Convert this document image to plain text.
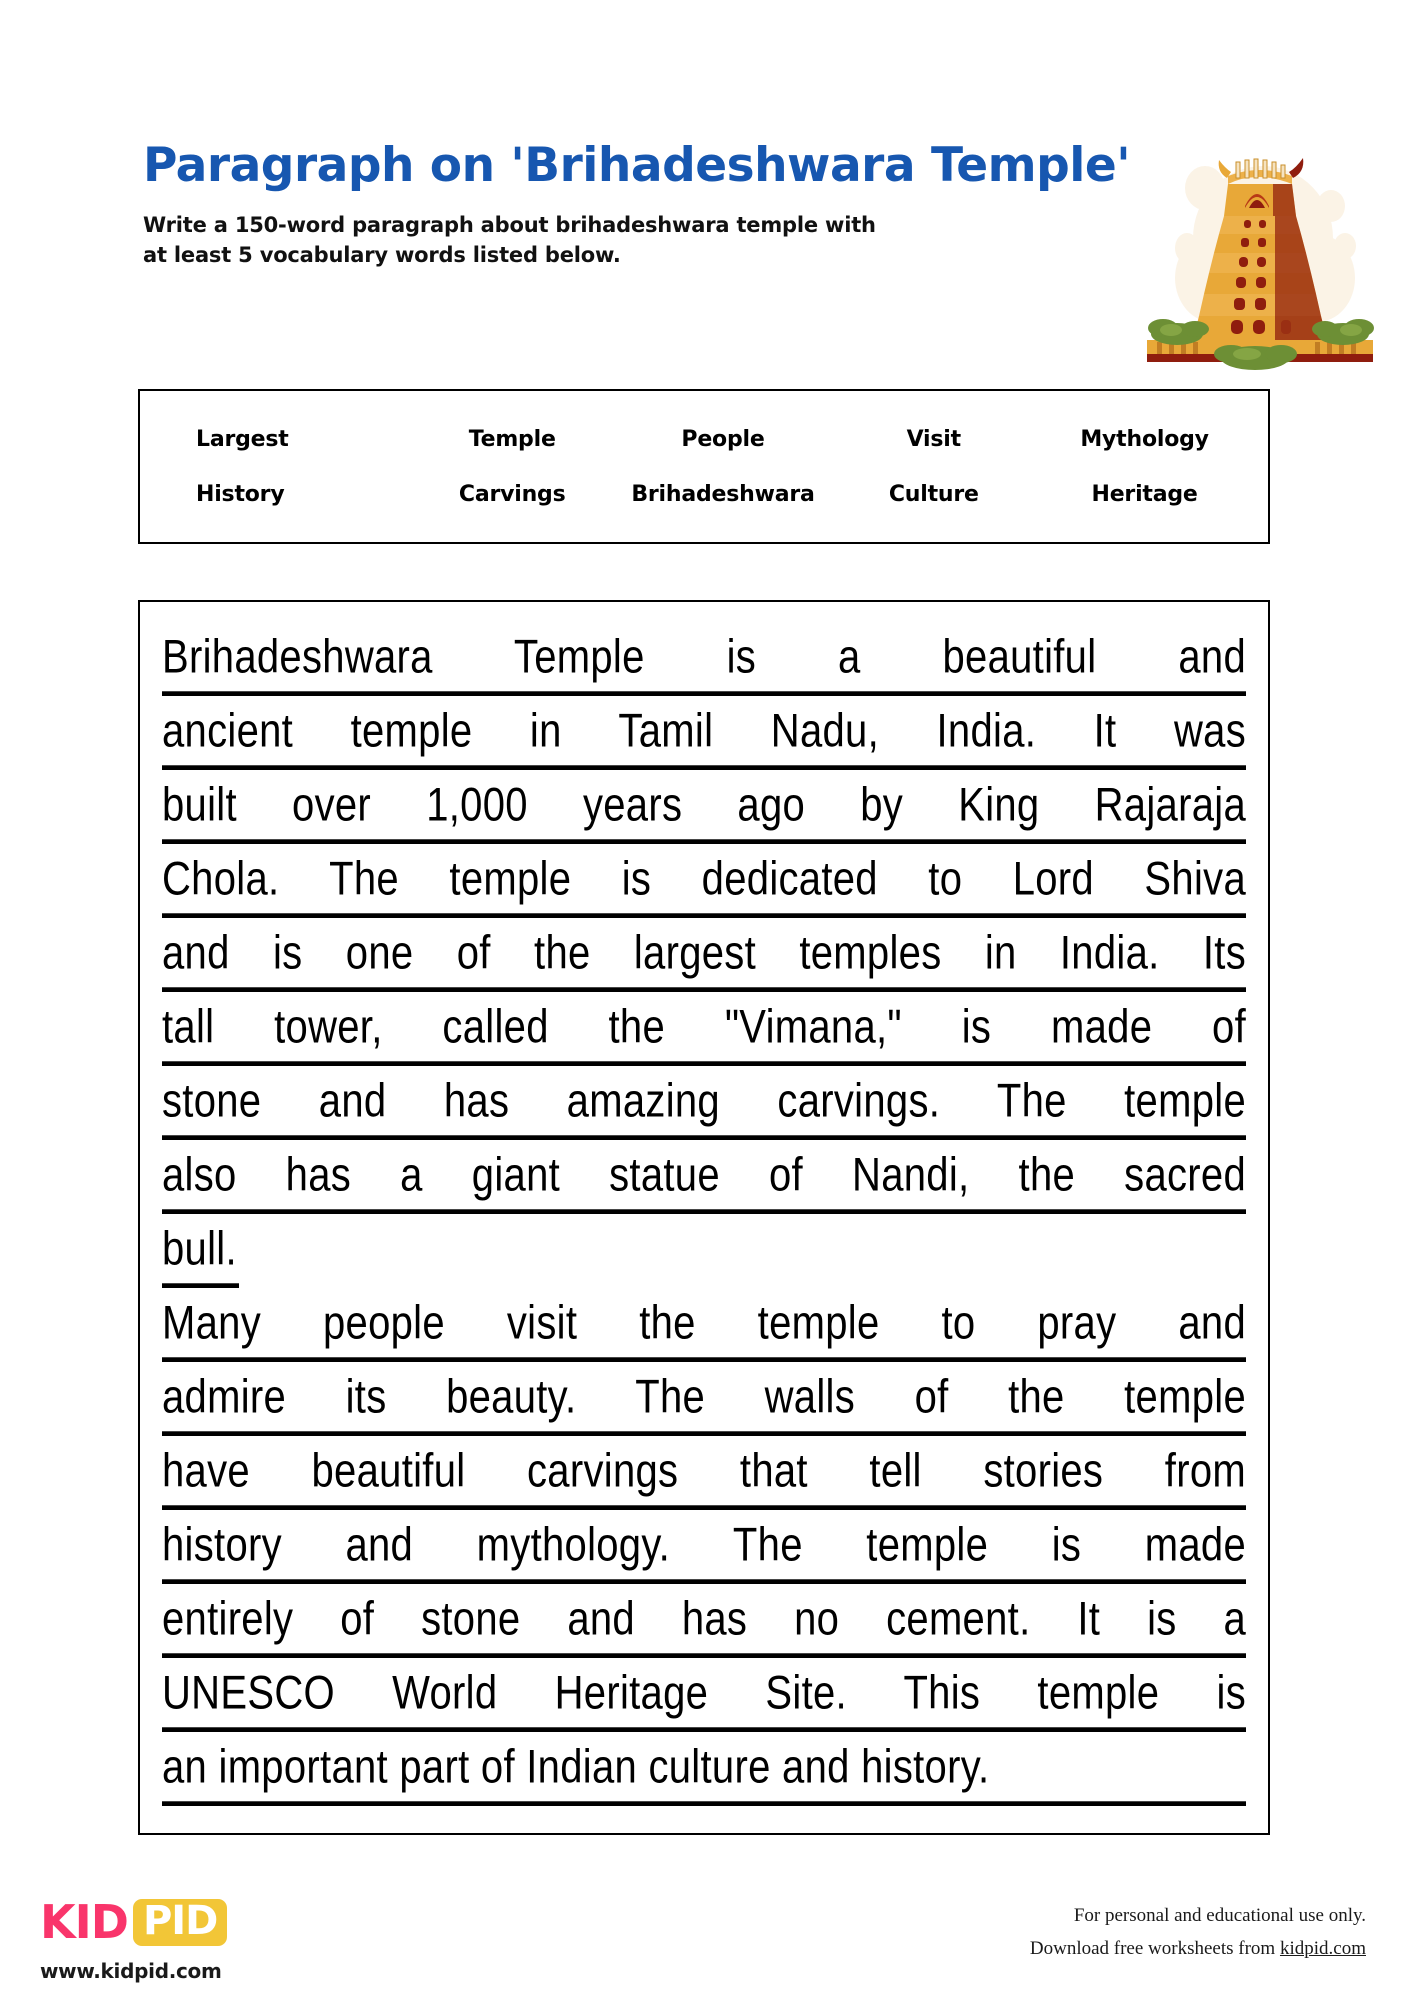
Paragraph on 'Brihadeshwara Temple'
Write a 150-word paragraph about brihadeshwara temple with
at least 5 vocabulary words listed below.
Largest	Temple	People	Visit	Mythology
History	Carvings	Brihadeshwara	Culture	Heritage
Brihadeshwara Temple is a beautiful and
ancient temple in Tamil Nadu, India. It was
built over 1,000 years ago by King Rajaraja
Chola. The temple is dedicated to Lord Shiva
and is one of the largest temples in India. Its
tall tower, called the "Vimana," is made of
stone and has amazing carvings. The temple
also has a giant statue of Nandi, the sacred
bull.
Many people visit the temple to pray and
admire its beauty. The walls of the temple
have beautiful carvings that tell stories from
history and mythology. The temple is made
entirely of stone and has no cement. It is a
UNESCO World Heritage Site. This temple is
an important part of Indian culture and history.
KID PID
www.kidpid.com
For personal and educational use only.
Download free worksheets from kidpid.com
